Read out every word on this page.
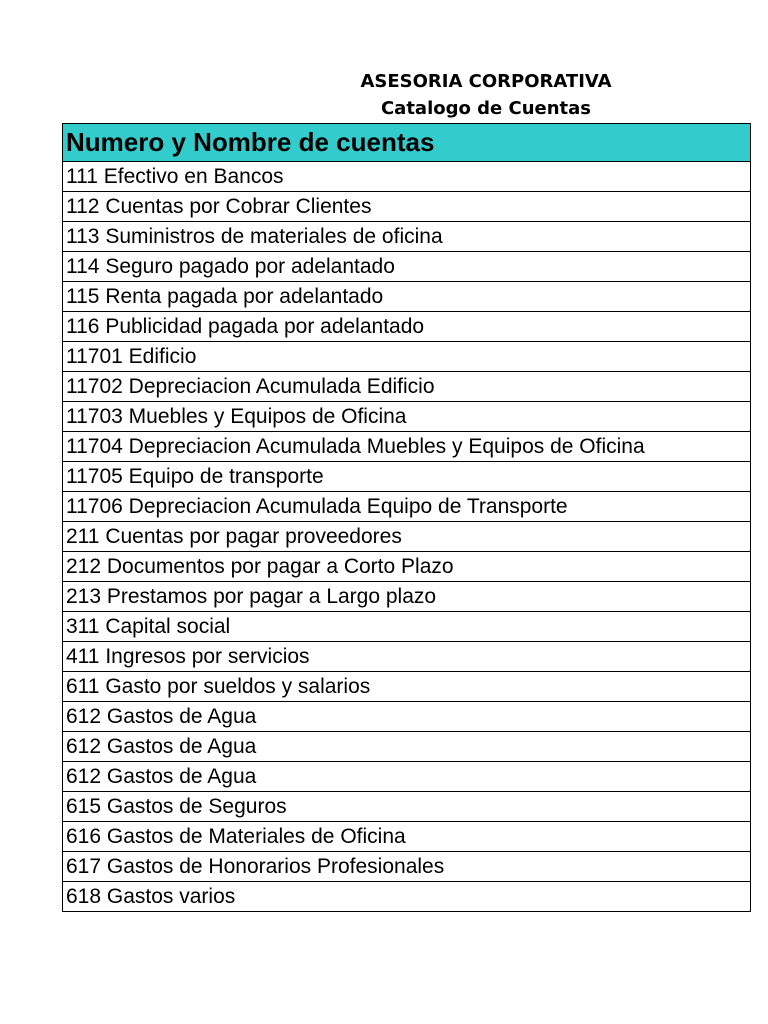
ASESORIA CORPORATIVA
Catalogo de Cuentas
Numero y Nombre de cuentas
111 Efectivo en Bancos
112 Cuentas por Cobrar Clientes
113 Suministros de materiales de oficina
114 Seguro pagado por adelantado
115 Renta pagada por adelantado
116 Publicidad pagada por adelantado
11701 Edificio
11702 Depreciacion Acumulada Edificio
11703 Muebles y Equipos de Oficina
11704 Depreciacion Acumulada Muebles y Equipos de Oficina
11705 Equipo de transporte
11706 Depreciacion Acumulada Equipo de Transporte
211 Cuentas por pagar proveedores
212 Documentos por pagar a Corto Plazo
213 Prestamos por pagar a Largo plazo
311 Capital social
411 Ingresos por servicios
611 Gasto por sueldos y salarios
612 Gastos de Agua
612 Gastos de Agua
612 Gastos de Agua
615 Gastos de Seguros
616 Gastos de Materiales de Oficina
617 Gastos de Honorarios Profesionales
618 Gastos varios
